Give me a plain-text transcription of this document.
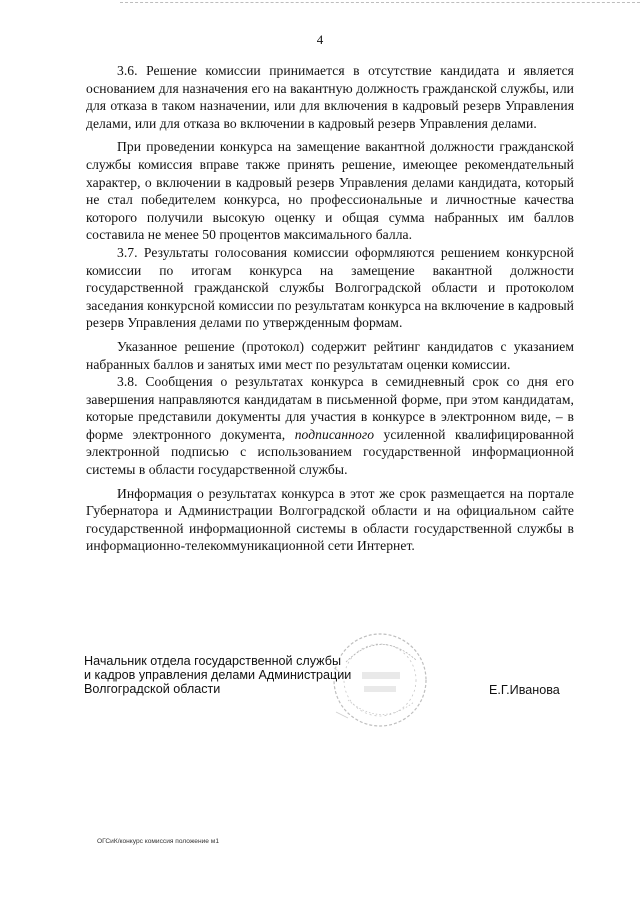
4

3.6. Решение комиссии принимается в отсутствие кандидата и является основанием для назначения его на вакантную должность гражданской службы, или для отказа в таком назначении, или для включения в кадровый резерв Управления делами, или для отказа во включении в кадровый резерв Управления делами.

При проведении конкурса на замещение вакантной должности гражданской службы комиссия вправе также принять решение, имеющее рекомендательный характер, о включении в кадровый резерв Управления делами кандидата, который не стал победителем конкурса, но профессиональные и личностные качества которого получили высокую оценку и общая сумма набранных им баллов составила не менее 50 процентов максимального балла.

3.7. Результаты голосования комиссии оформляются решением конкурсной комиссии по итогам конкурса на замещение вакантной должности государственной гражданской службы Волгоградской области и протоколом заседания конкурсной комиссии по результатам конкурса на включение в кадровый резерв Управления делами по утвержденным формам.

Указанное решение (протокол) содержит рейтинг кандидатов с указанием набранных баллов и занятых ими мест по результатам оценки комиссии.

3.8. Сообщения о результатах конкурса в семидневный срок со дня его завершения направляются кандидатам в письменной форме, при этом кандидатам, которые представили документы для участия в конкурсе в электронном виде, – в форме электронного документа, подписанного усиленной квалифицированной электронной подписью с использованием государственной информационной системы в области государственной службы.

Информация о результатах конкурса в этот же срок размещается на портале Губернатора и Администрации Волгоградской области и на официальном сайте государственной информационной системы в области государственной службы в информационно-телекоммуникационной сети Интернет.

Начальник отдела государственной службы
и кадров управления делами Администрации
Волгоградской области	Е.Г.Иванова
ОГСиК/конкурс комиссия положение м1
